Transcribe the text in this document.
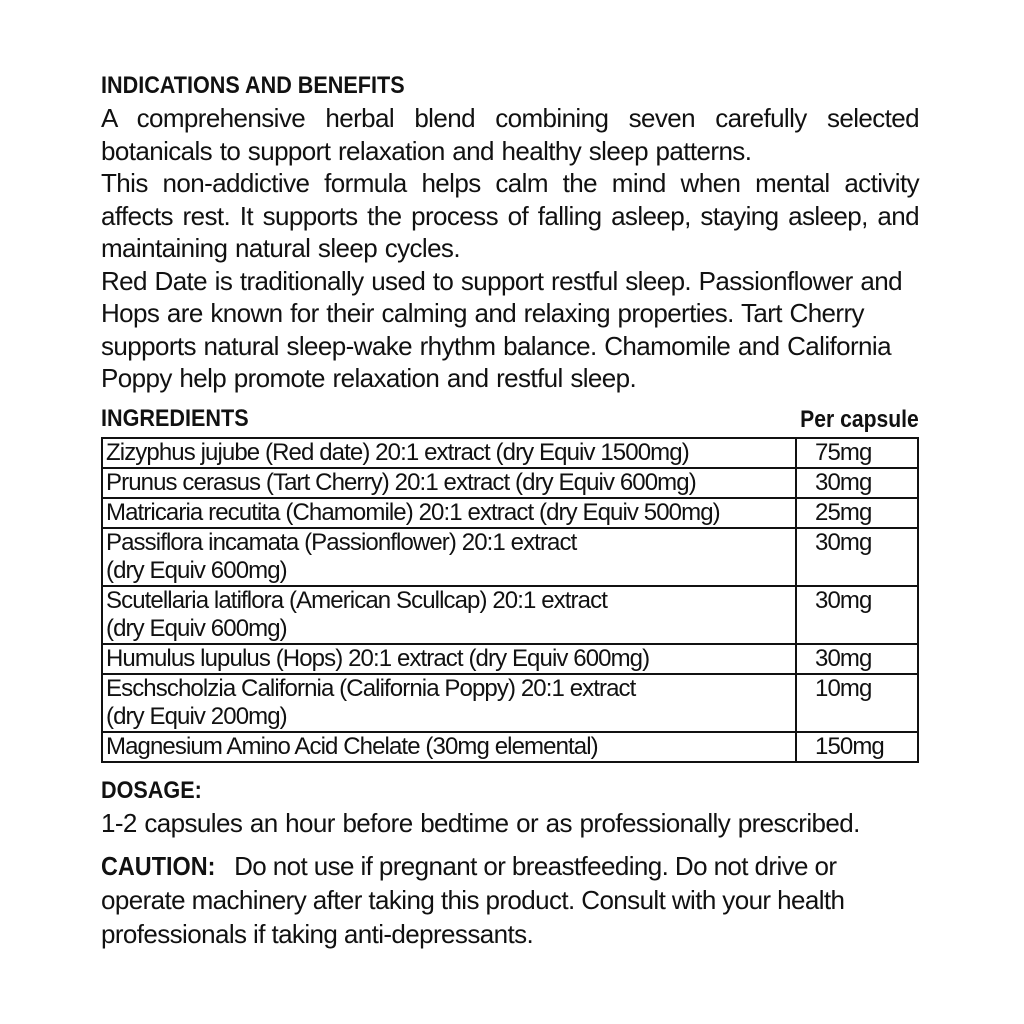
INDICATIONS AND BENEFITS

A comprehensive herbal blend combining seven carefully selected botanicals to support relaxation and healthy sleep patterns.

This non-addictive formula helps calm the mind when mental activity affects rest. It supports the process of falling asleep, staying asleep, and maintaining natural sleep cycles.

Red Date is traditionally used to support restful sleep. Passionflower and Hops are known for their calming and relaxing properties. Tart Cherry supports natural sleep-wake rhythm balance. Chamomile and California Poppy help promote relaxation and restful sleep.

INGREDIENTS	Per capsule
Zizyphus jujube (Red date) 20:1 extract (dry Equiv 1500mg)	75mg
Prunus cerasus (Tart Cherry) 20:1 extract (dry Equiv 600mg)	30mg
Matricaria recutita (Chamomile) 20:1 extract (dry Equiv 500mg)	25mg
Passiflora incamata (Passionflower) 20:1 extract
(dry Equiv 600mg)	30mg
Scutellaria latiflora (American Scullcap) 20:1 extract
(dry Equiv 600mg)	30mg
Humulus lupulus (Hops) 20:1 extract (dry Equiv 600mg)	30mg
Eschscholzia California (California Poppy) 20:1 extract
(dry Equiv 200mg)	10mg
Magnesium Amino Acid Chelate (30mg elemental)	150mg
DOSAGE:

1-2 capsules an hour before bedtime or as professionally prescribed.

CAUTION: Do not use if pregnant or breastfeeding. Do not drive or operate machinery after taking this product. Consult with your health professionals if taking anti-depressants.
